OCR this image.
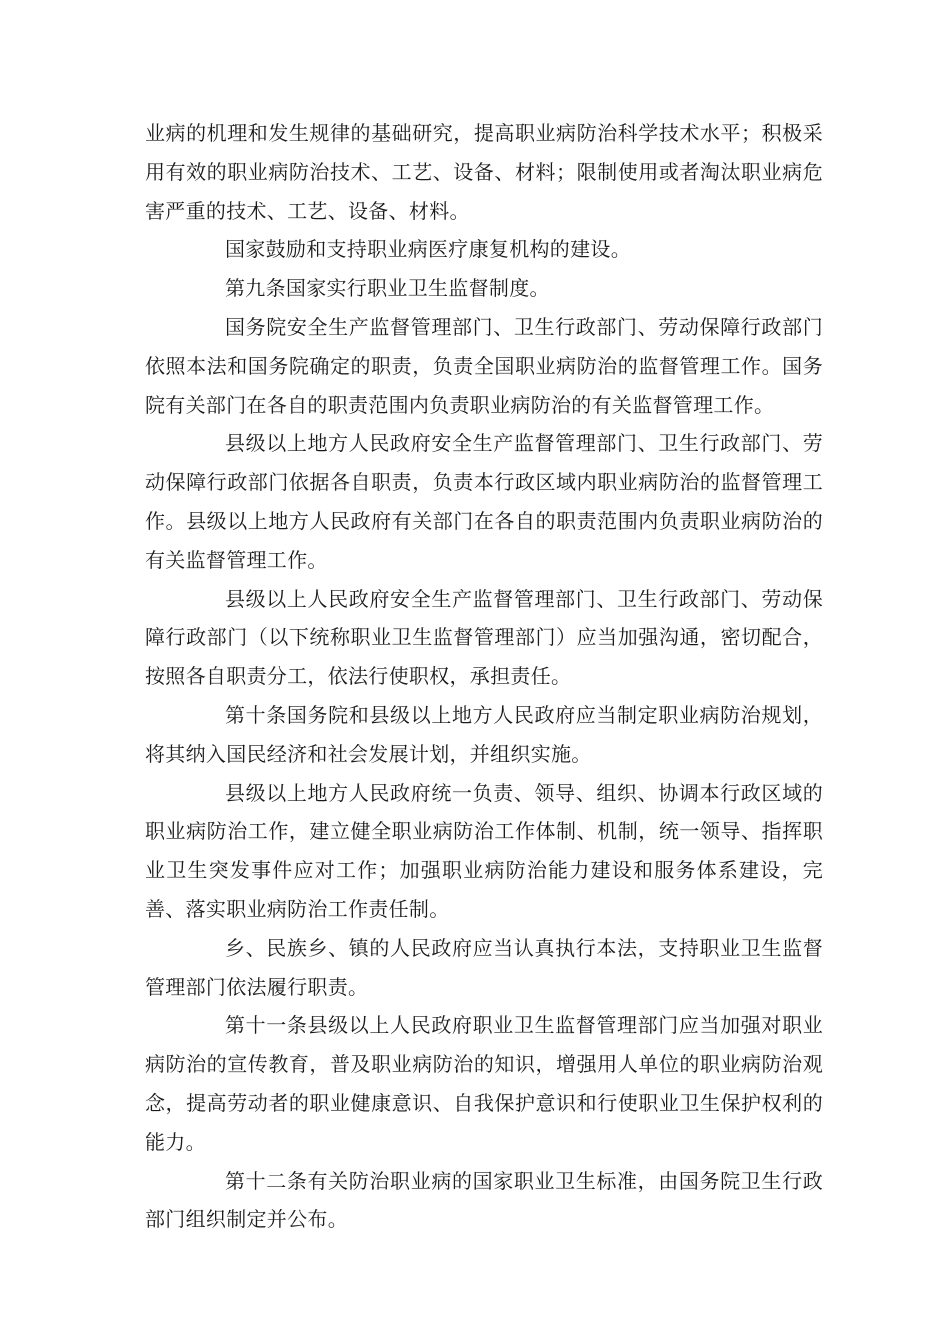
业病的机理和发生规律的基础研究，提高职业病防治科学技术水平；积极采用有效的职业病防治技术、工艺、设备、材料；限制使用或者淘汰职业病危害严重的技术、工艺、设备、材料。

国家鼓励和支持职业病医疗康复机构的建设。

第九条国家实行职业卫生监督制度。

国务院安全生产监督管理部门、卫生行政部门、劳动保障行政部门依照本法和国务院确定的职责，负责全国职业病防治的监督管理工作。国务院有关部门在各自的职责范围内负责职业病防治的有关监督管理工作。

县级以上地方人民政府安全生产监督管理部门、卫生行政部门、劳动保障行政部门依据各自职责，负责本行政区域内职业病防治的监督管理工作。县级以上地方人民政府有关部门在各自的职责范围内负责职业病防治的有关监督管理工作。

县级以上人民政府安全生产监督管理部门、卫生行政部门、劳动保障行政部门（以下统称职业卫生监督管理部门）应当加强沟通，密切配合，按照各自职责分工，依法行使职权，承担责任。

第十条国务院和县级以上地方人民政府应当制定职业病防治规划，将其纳入国民经济和社会发展计划，并组织实施。

县级以上地方人民政府统一负责、领导、组织、协调本行政区域的职业病防治工作，建立健全职业病防治工作体制、机制，统一领导、指挥职业卫生突发事件应对工作；加强职业病防治能力建设和服务体系建设，完善、落实职业病防治工作责任制。

乡、民族乡、镇的人民政府应当认真执行本法，支持职业卫生监督管理部门依法履行职责。

第十一条县级以上人民政府职业卫生监督管理部门应当加强对职业病防治的宣传教育，普及职业病防治的知识，增强用人单位的职业病防治观念，提高劳动者的职业健康意识、自我保护意识和行使职业卫生保护权利的能力。

第十二条有关防治职业病的国家职业卫生标准，由国务院卫生行政部门组织制定并公布。
